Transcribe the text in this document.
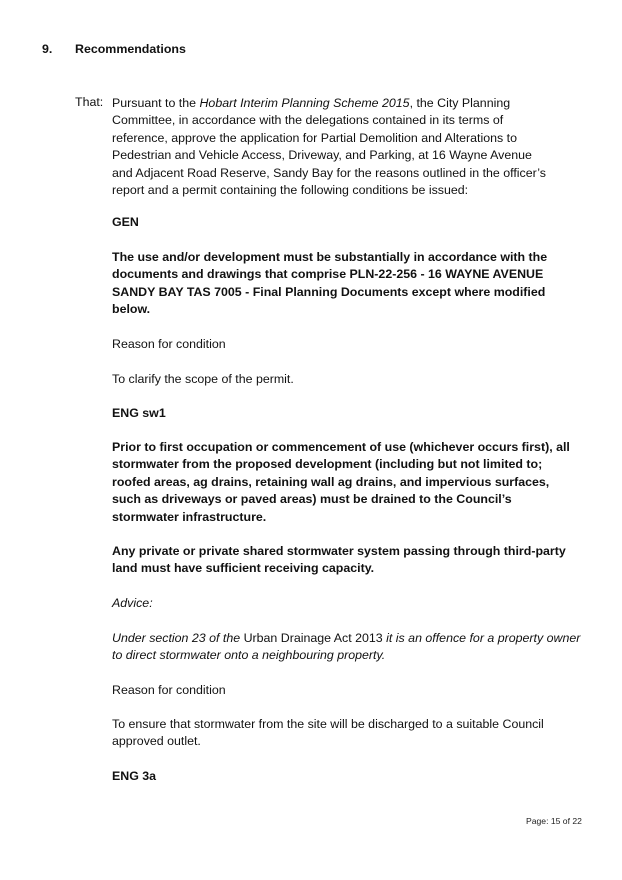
9. Recommendations
That: Pursuant to the Hobart Interim Planning Scheme 2015, the City Planning

Committee, in accordance with the delegations contained in its terms of

reference, approve the application for Partial Demolition and Alterations to

Pedestrian and Vehicle Access, Driveway, and Parking, at 16 Wayne Avenue

and Adjacent Road Reserve, Sandy Bay for the reasons outlined in the officer’s

report and a permit containing the following conditions be issued:

GEN

The use and/or development must be substantially in accordance with the

documents and drawings that comprise PLN-22-256 - 16 WAYNE AVENUE

SANDY BAY TAS 7005 - Final Planning Documents except where modified

below.

Reason for condition
To clarify the scope of the permit.
ENG sw1

Prior to first occupation or commencement of use (whichever occurs first), all

stormwater from the proposed development (including but not limited to;

roofed areas, ag drains, retaining wall ag drains, and impervious surfaces,

such as driveways or paved areas) must be drained to the Council’s

stormwater infrastructure.

Any private or private shared stormwater system passing through third-party

land must have sufficient receiving capacity.

Advice:

Under section 23 of the Urban Drainage Act 2013 it is an offence for a property owner

to direct stormwater onto a neighbouring property.

Reason for condition

To ensure that stormwater from the site will be discharged to a suitable Council

approved outlet.

ENG 3a
Page: 15 of 22
